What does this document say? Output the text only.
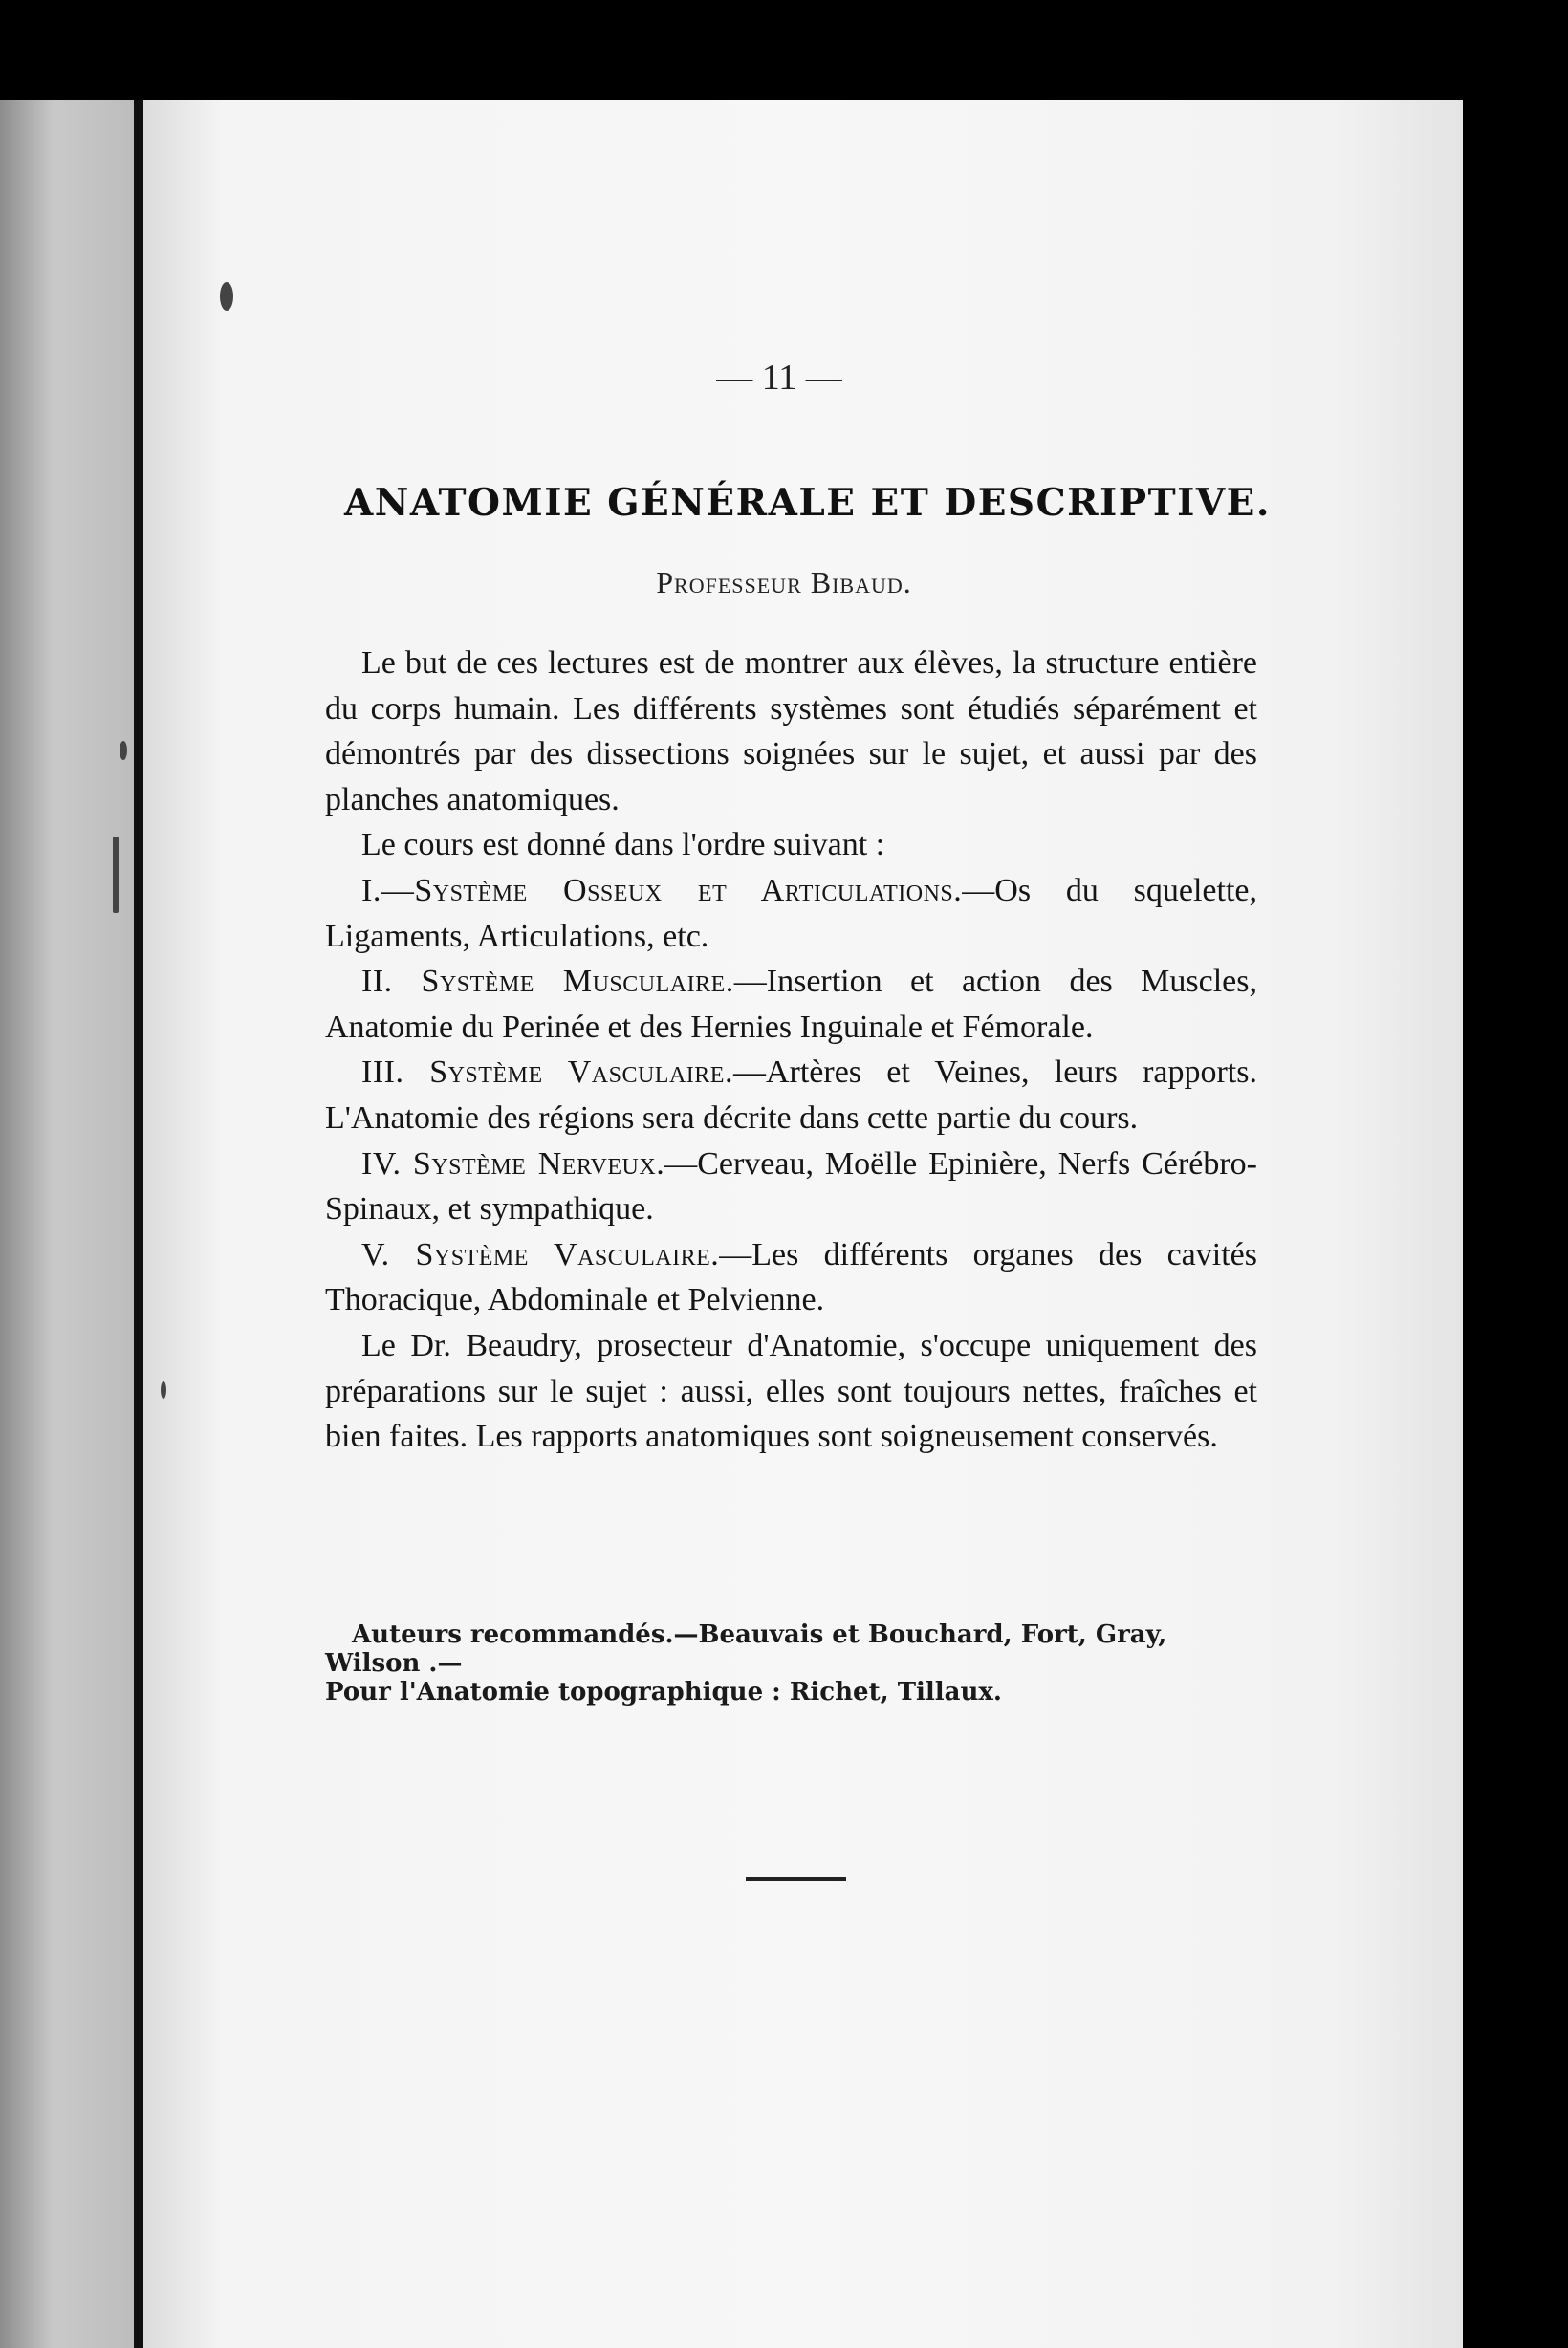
— 11 —
ANATOMIE GÉNÉRALE ET DESCRIPTIVE.
Professeur Bibaud.

Le but de ces lectures est de montrer aux élèves, la structure entière du corps humain. Les différents systèmes sont étudiés séparément et démontrés par des dissections soignées sur le sujet, et aussi par des planches anatomiques.

Le cours est donné dans l'ordre suivant :

I.—Système Osseux et Articulations.—Os du squelette, Ligaments, Articulations, etc.

II. Système Musculaire.—Insertion et action des Muscles, Anatomie du Perinée et des Hernies Inguinale et Fémorale.

III. Système Vasculaire.—Artères et Veines, leurs rapports. L'Anatomie des régions sera décrite dans cette partie du cours.

IV. Système Nerveux.—Cerveau, Moëlle Epinière, Nerfs Cérébro-Spinaux, et sympathique.

V. Système Vasculaire.—Les différents organes des cavités Thoracique, Abdominale et Pelvienne.

Le Dr. Beaudry, prosecteur d'Anatomie, s'occupe uniquement des préparations sur le sujet : aussi, elles sont toujours nettes, fraîches et bien faites. Les rapports anatomiques sont soigneusement conservés.

Auteurs recommandés.—Beauvais et Bouchard, Fort, Gray, Wilson .—

Pour l'Anatomie topographique : Richet, Tillaux.
